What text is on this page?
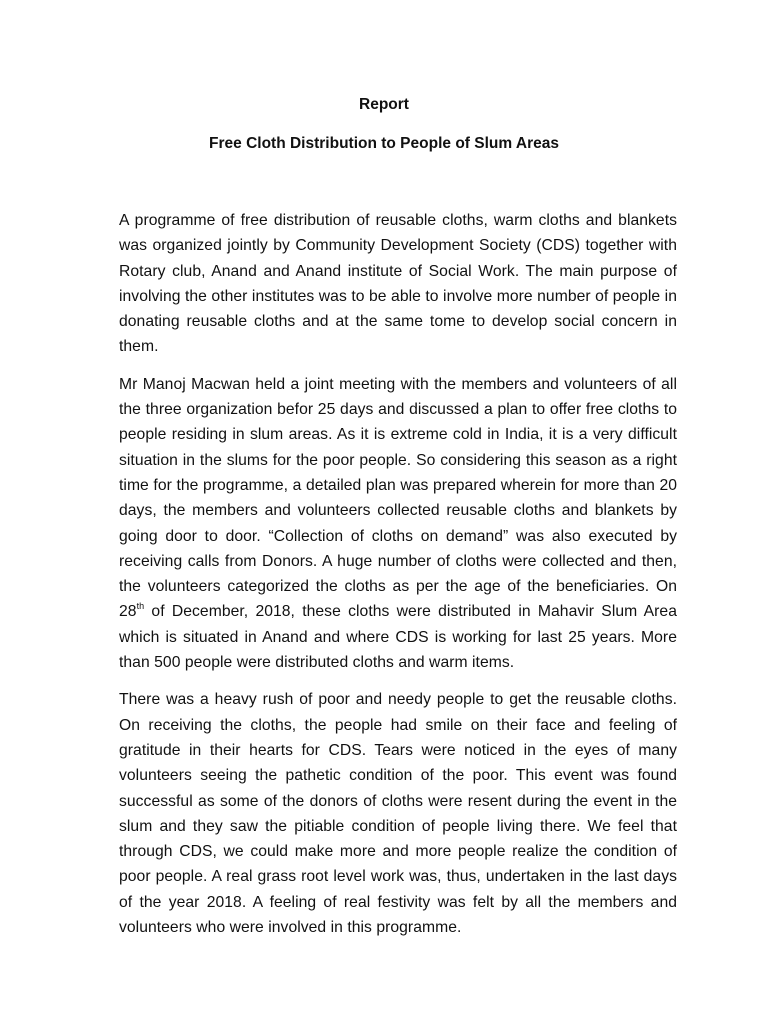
Report
Free Cloth Distribution to People of Slum Areas

A programme of free distribution of reusable cloths, warm cloths and blankets was organized jointly by Community Development Society (CDS) together with Rotary club, Anand and Anand institute of Social Work. The main purpose of involving the other institutes was to be able to involve more number of people in donating reusable cloths and at the same tome to develop social concern in them.

Mr Manoj Macwan held a joint meeting with the members and volunteers of all the three organization befor 25 days and discussed a plan to offer free cloths to people residing in slum areas. As it is extreme cold in India, it is a very difficult situation in the slums for the poor people. So considering this season as a right time for the programme, a detailed plan was prepared wherein for more than 20 days, the members and volunteers collected reusable cloths and blankets by going door to door. “Collection of cloths on demand” was also executed by receiving calls from Donors. A huge number of cloths were collected and then, the volunteers categorized the cloths as per the age of the beneficiaries. On 28th of December, 2018, these cloths were distributed in Mahavir Slum Area which is situated in Anand and where CDS is working for last 25 years. More than 500 people were distributed cloths and warm items.

There was a heavy rush of poor and needy people to get the reusable cloths. On receiving the cloths, the people had smile on their face and feeling of gratitude in their hearts for CDS. Tears were noticed in the eyes of many volunteers seeing the pathetic condition of the poor. This event was found successful as some of the donors of cloths were resent during the event in the slum and they saw the pitiable condition of people living there. We feel that through CDS, we could make more and more people realize the condition of poor people. A real grass root level work was, thus, undertaken in the last days of the year 2018. A feeling of real festivity was felt by all the members and volunteers who were involved in this programme.
